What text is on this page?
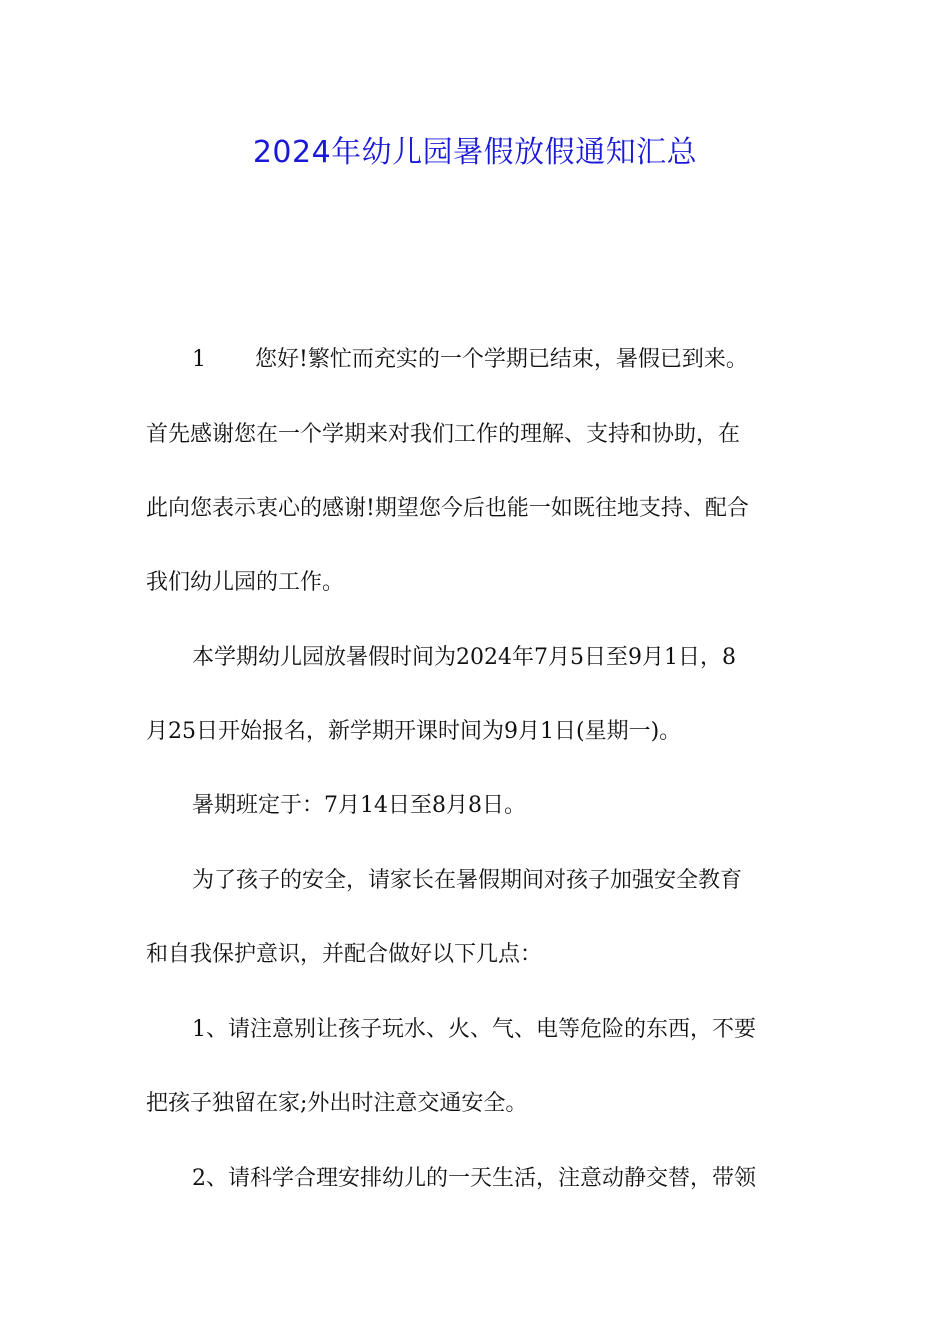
2024年幼儿园暑假放假通知汇总
1 您好!繁忙而充实的一个学期已结束，暑假已到来。

首先感谢您在一个学期来对我们工作的理解、支持和协助，在

此向您表示衷心的感谢!期望您今后也能一如既往地支持、配合

我们幼儿园的工作。

本学期幼儿园放暑假时间为2024年7月5日至9月1日，8

月25日开始报名，新学期开课时间为9月1日(星期一)。

暑期班定于：7月14日至8月8日。

为了孩子的安全，请家长在暑假期间对孩子加强安全教育

和自我保护意识，并配合做好以下几点：

1、请注意别让孩子玩水、火、气、电等危险的东西，不要

把孩子独留在家;外出时注意交通安全。

2、请科学合理安排幼儿的一天生活，注意动静交替，带领
